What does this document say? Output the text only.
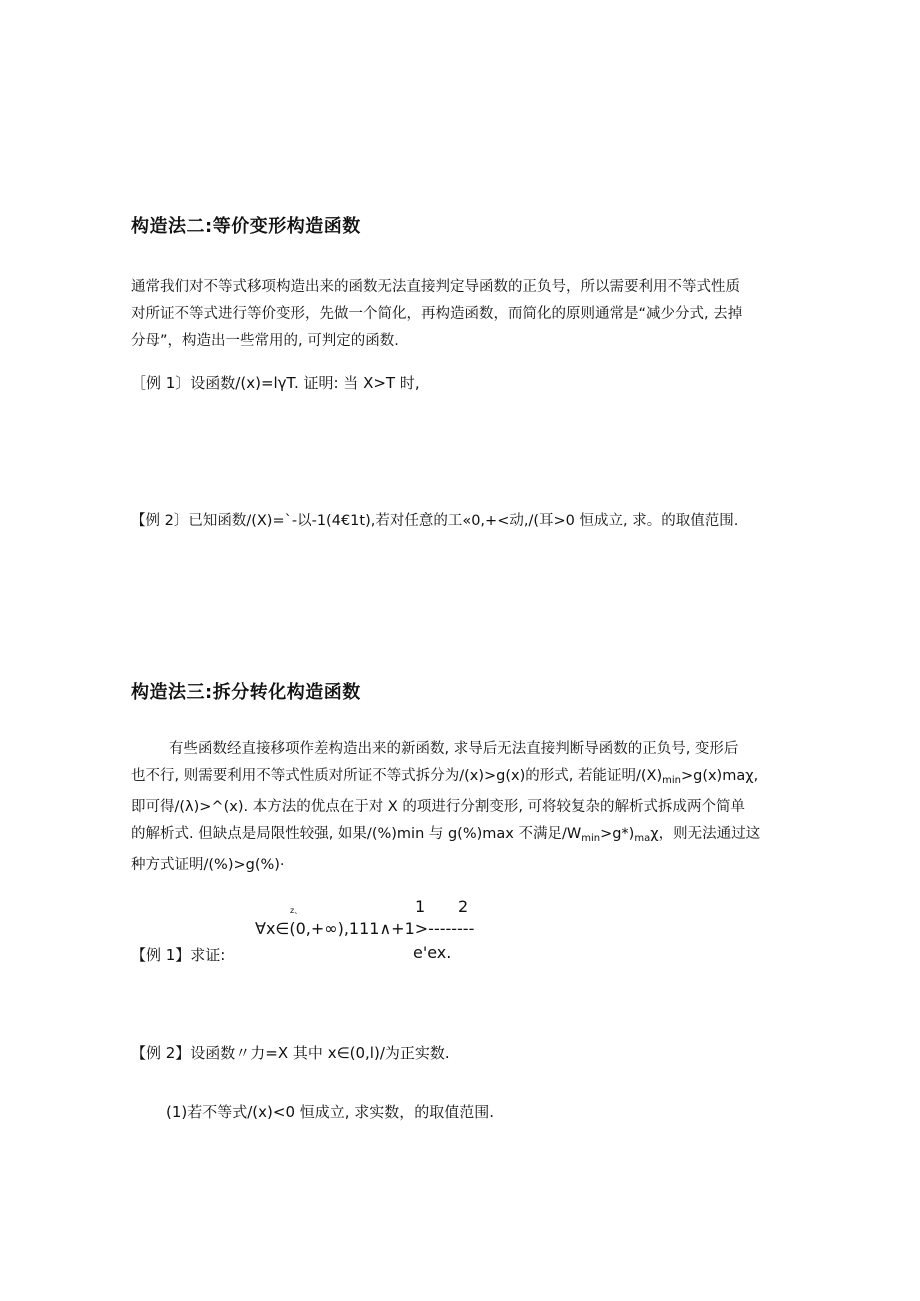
构造法二:等价变形构造函数
通常我们对不等式移项构造出来的函数无法直接判定导函数的正负号，所以需要利用不等式性质
对所证不等式进行等价变形，先做一个简化，再构造函数，而简化的原则通常是“减少分式, 去掉
分母”，构造出一些常用的, 可判定的函数.
［例 1〕设函数/(x)=lγT. 证明: 当 X>T 时,
【例 2〕已知函数/(X)=`-以-1(4€1t),若对任意的工«0,+<动,/(耳>0 恒成立, 求。的取值范围.
构造法三:拆分转化构造函数
有些函数经直接移项作差构造出来的新函数, 求导后无法直接判断导函数的正负号, 变形后
也不行, 则需要利用不等式性质对所证不等式拆分为/(x)>g(x)的形式, 若能证明$/(X)_{min}>g(x)ma\chi$,
即可得/(λ)>^(x). 本方法的优点在于对 X 的项进行分割变形, 可将较复杂的解析式拆成两个简单
的解析式. 但缺点是局限性较强, 如果/(%)min 与 g(%)max 不满足$/W_{min}>g*)_{ma}\chi$，则无法通过这
种方式证明/(%)>g(%)·
z、	1 2
∀x∈(0,+∞),111∧+1>--------
【例 1】求证:	e'ex.
【例 2】设函数〃力=X 其中 x∈(0,l)/为正实数.
(1)若不等式/(x)<0 恒成立, 求实数，的取值范围.
